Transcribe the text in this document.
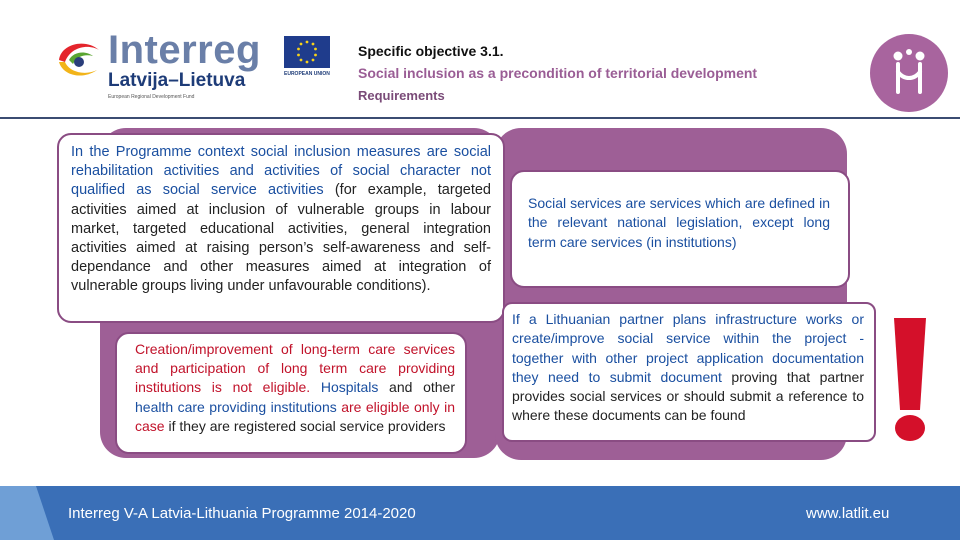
Interreg
Latvija–Lietuva
European Regional Development Fund
EUROPEAN UNION
Specific objective 3.1.
Social inclusion as a precondition of territorial development
Requirements
In the Programme context social inclusion measures are social rehabilitation activities and activities of social character not qualified as social service activities (for example, targeted activities aimed at inclusion of vulnerable groups in labour market, targeted educational activities, general integration activities aimed at raising person’s self-awareness and self-dependance and other measures aimed at integration of vulnerable groups living under unfavourable conditions).
Creation/improvement of long-term care services and participation of long term care providing institutions is not eligible. Hospitals and other health care providing institutions are eligible only in case if they are registered social service providers
Social services are services which are defined in the relevant national legislation, except long term care services (in institutions)
If a Lithuanian partner plans infrastructure works or create/improve social service within the project - together with other project application documentation they need to submit document proving that partner provides social services or should submit a reference to where these documents can be found
Interreg V-A Latvia-Lithuania Programme 2014-2020	www.latlit.eu
